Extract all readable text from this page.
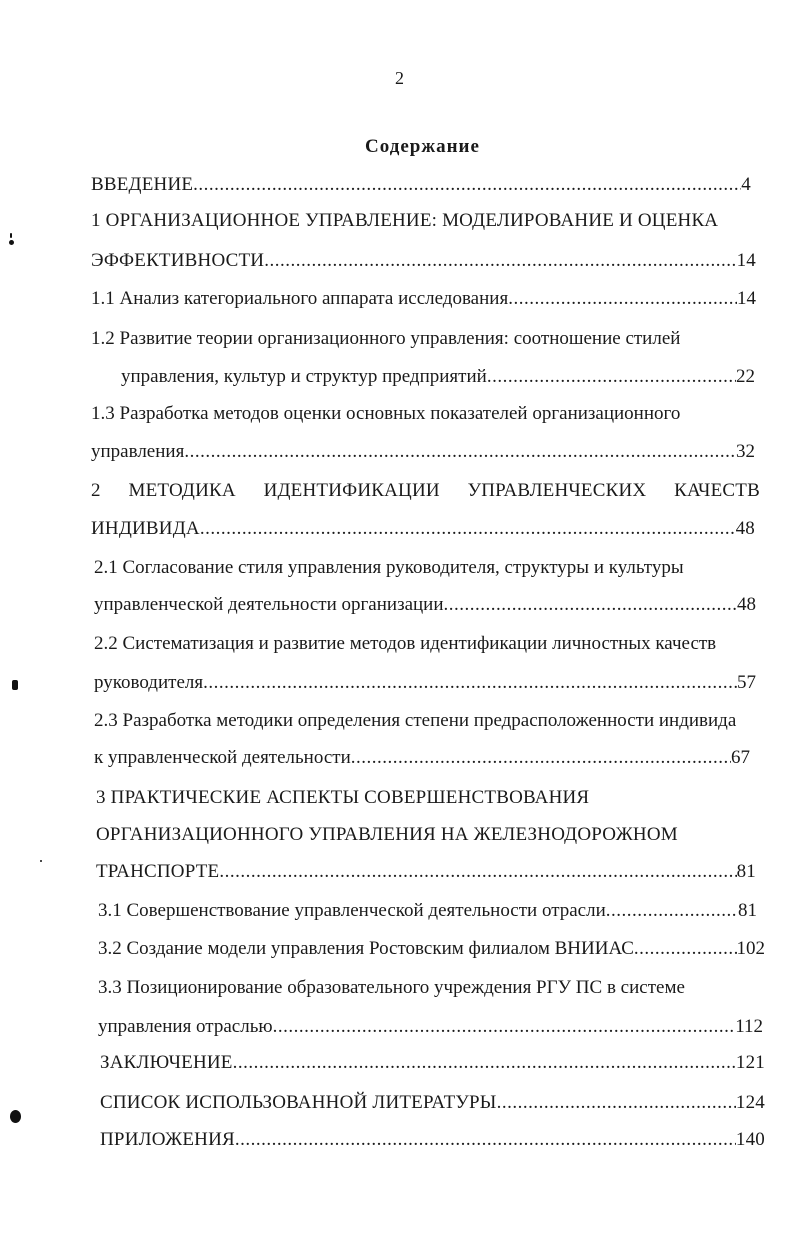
2
Содержание
ВВЕДЕНИЕ .....	4
1 ОРГАНИЗАЦИОННОЕ УПРАВЛЕНИЕ: МОДЕЛИРОВАНИЕ И ОЦЕНКА
ЭФФЕКТИВНОСТИ .....	14
1.1 Анализ категориального аппарата исследования .....	14
1.2 Развитие теории организационного управления: соотношение стилей
управления, культур и структур предприятий .....	22
1.3 Разработка методов оценки основных показателей организационного
управления .....	32
2 МЕТОДИКА ИДЕНТИФИКАЦИИ УПРАВЛЕНЧЕСКИХ КАЧЕСТВ
ИНДИВИДА .....	48
2.1 Согласование стиля управления руководителя, структуры и культуры
управленческой деятельности организации .....	48
2.2 Систематизация и развитие методов идентификации личностных качеств
руководителя .....	57
2.3 Разработка методики определения степени предрасположенности индивида
к управленческой деятельности .....	67
3 ПРАКТИЧЕСКИЕ АСПЕКТЫ СОВЕРШЕНСТВОВАНИЯ
ОРГАНИЗАЦИОННОГО УПРАВЛЕНИЯ НА ЖЕЛЕЗНОДОРОЖНОМ
ТРАНСПОРТЕ .....	81
3.1 Совершенствование управленческой деятельности отрасли .....	81
3.2 Создание модели управления Ростовским филиалом ВНИИАС .....	102
3.3 Позиционирование образовательного учреждения РГУ ПС в системе
управления отраслью .....	112
ЗАКЛЮЧЕНИЕ .....	121
СПИСОК ИСПОЛЬЗОВАННОЙ ЛИТЕРАТУРЫ .....	124
ПРИЛОЖЕНИЯ .....	140
